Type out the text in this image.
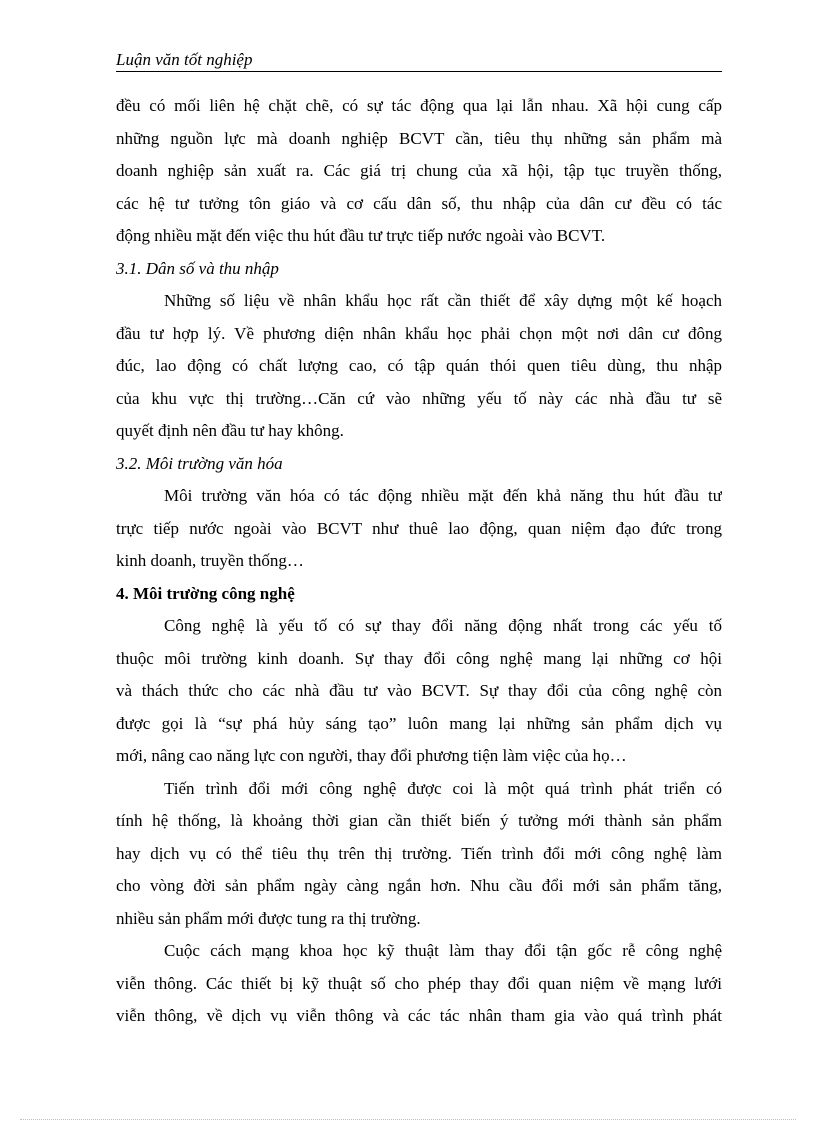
Luận văn tốt nghiệp

đều có mối liên hệ chặt chẽ, có sự tác động qua lại lẫn nhau. Xã hội cung cấp
những nguồn lực mà doanh nghiệp BCVT cần, tiêu thụ những sản phẩm mà
doanh nghiệp sản xuất ra. Các giá trị chung của xã hội, tập tục truyền thống,
các hệ tư tưởng tôn giáo và cơ cấu dân số, thu nhập của dân cư đều có tác
động nhiều mặt đến việc thu hút đầu tư trực tiếp nước ngoài vào BCVT.

3.1. Dân số và thu nhập

Những số liệu về nhân khẩu học rất cần thiết để xây dựng một kế hoạch
đầu tư hợp lý. Về phương diện nhân khẩu học phải chọn một nơi dân cư đông
đúc, lao động có chất lượng cao, có tập quán thói quen tiêu dùng, thu nhập
của khu vực thị trường…Căn cứ vào những yếu tố này các nhà đầu tư sẽ
quyết định nên đầu tư hay không.

3.2. Môi trường văn hóa

Môi trường văn hóa có tác động nhiều mặt đến khả năng thu hút đầu tư
trực tiếp nước ngoài vào BCVT như thuê lao động, quan niệm đạo đức trong
kinh doanh, truyền thống…

4. Môi trường công nghệ

Công nghệ là yếu tố có sự thay đổi năng động nhất trong các yếu tố
thuộc môi trường kinh doanh. Sự thay đổi công nghệ mang lại những cơ hội
và thách thức cho các nhà đầu tư vào BCVT. Sự thay đổi của công nghệ còn
được gọi là “sự phá hủy sáng tạo” luôn mang lại những sản phẩm dịch vụ
mới, nâng cao năng lực con người, thay đổi phương tiện làm việc của họ…

Tiến trình đổi mới công nghệ được coi là một quá trình phát triển có
tính hệ thống, là khoảng thời gian cần thiết biến ý tưởng mới thành sản phẩm
hay dịch vụ có thể tiêu thụ trên thị trường. Tiến trình đổi mới công nghệ làm
cho vòng đời sản phẩm ngày càng ngắn hơn. Nhu cầu đổi mới sản phẩm tăng,
nhiều sản phẩm mới được tung ra thị trường.

Cuộc cách mạng khoa học kỹ thuật làm thay đổi tận gốc rễ công nghệ
viễn thông. Các thiết bị kỹ thuật số cho phép thay đổi quan niệm về mạng lưới
viễn thông, về dịch vụ viễn thông và các tác nhân tham gia vào quá trình phát
